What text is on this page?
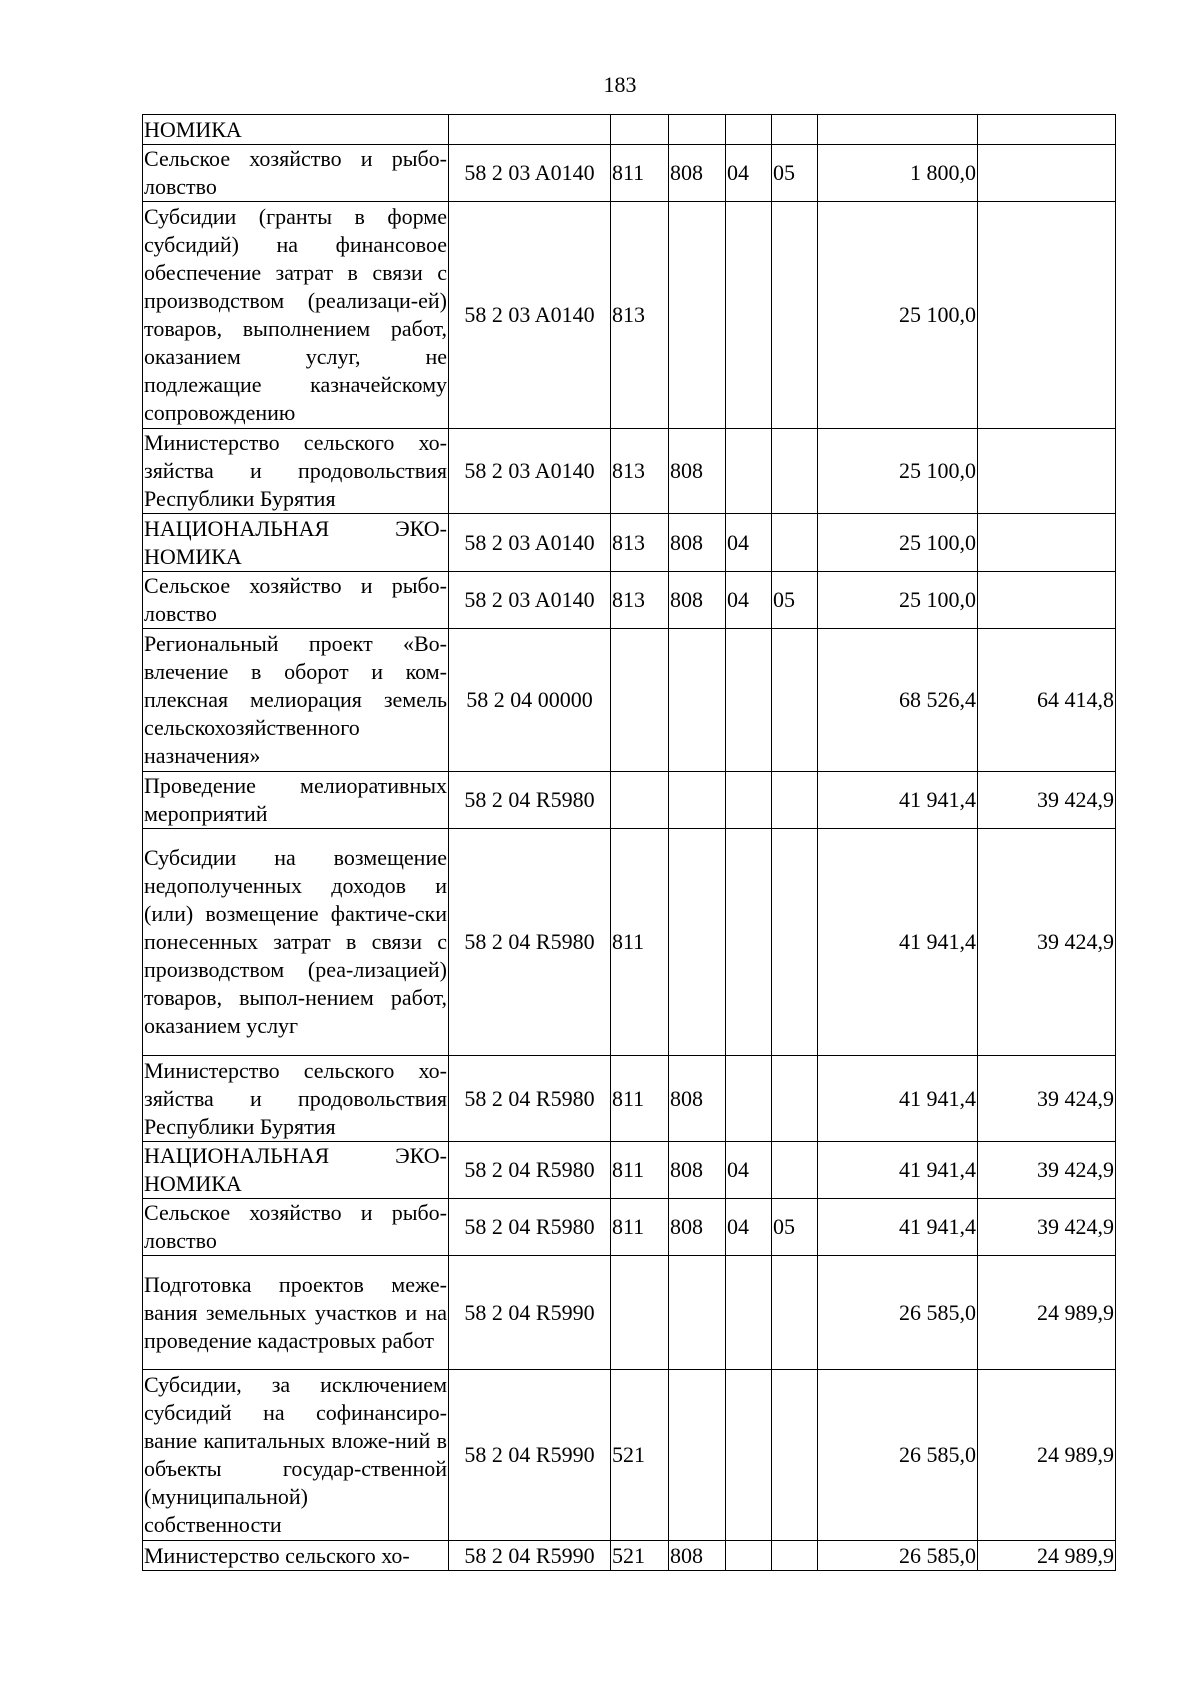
183
НОМИКА							
Сельское хозяйство и рыбо-ловство	58 2 03 A0140	811	808	04	05	1 800,0	
Субсидии (гранты в форме субсидий) на финансовое обеспечение затрат в связи с производством (реализаци-ей) товаров, выполнением работ, оказанием услуг, не подлежащие казначейскому сопровождению	58 2 03 A0140	813				25 100,0	
Министерство сельского хо-зяйства и продовольствия Республики Бурятия	58 2 03 A0140	813	808			25 100,0	
НАЦИОНАЛЬНАЯ ЭКО-НОМИКА	58 2 03 A0140	813	808	04		25 100,0	
Сельское хозяйство и рыбо-ловство	58 2 03 A0140	813	808	04	05	25 100,0	
Региональный проект «Во-влечение в оборот и ком-плексная мелиорация земель сельскохозяйственного назначения»	58 2 04 00000					68 526,4	64 414,8
Проведение мелиоративных мероприятий	58 2 04 R5980					41 941,4	39 424,9
Субсидии на возмещение недополученных доходов и (или) возмещение фактиче-ски понесенных затрат в связи с производством (реа-лизацией) товаров, выпол-нением работ, оказанием услуг	58 2 04 R5980	811				41 941,4	39 424,9
Министерство сельского хо-зяйства и продовольствия Республики Бурятия	58 2 04 R5980	811	808			41 941,4	39 424,9
НАЦИОНАЛЬНАЯ ЭКО-НОМИКА	58 2 04 R5980	811	808	04		41 941,4	39 424,9
Сельское хозяйство и рыбо-ловство	58 2 04 R5980	811	808	04	05	41 941,4	39 424,9
Подготовка проектов меже-вания земельных участков и на проведение кадастровых работ	58 2 04 R5990					26 585,0	24 989,9
Субсидии, за исключением субсидий на софинансиро-вание капитальных вложе-ний в объекты государ-ственной (муниципальной) собственности	58 2 04 R5990	521				26 585,0	24 989,9
Министерство сельского хо-	58 2 04 R5990	521	808			26 585,0	24 989,9
